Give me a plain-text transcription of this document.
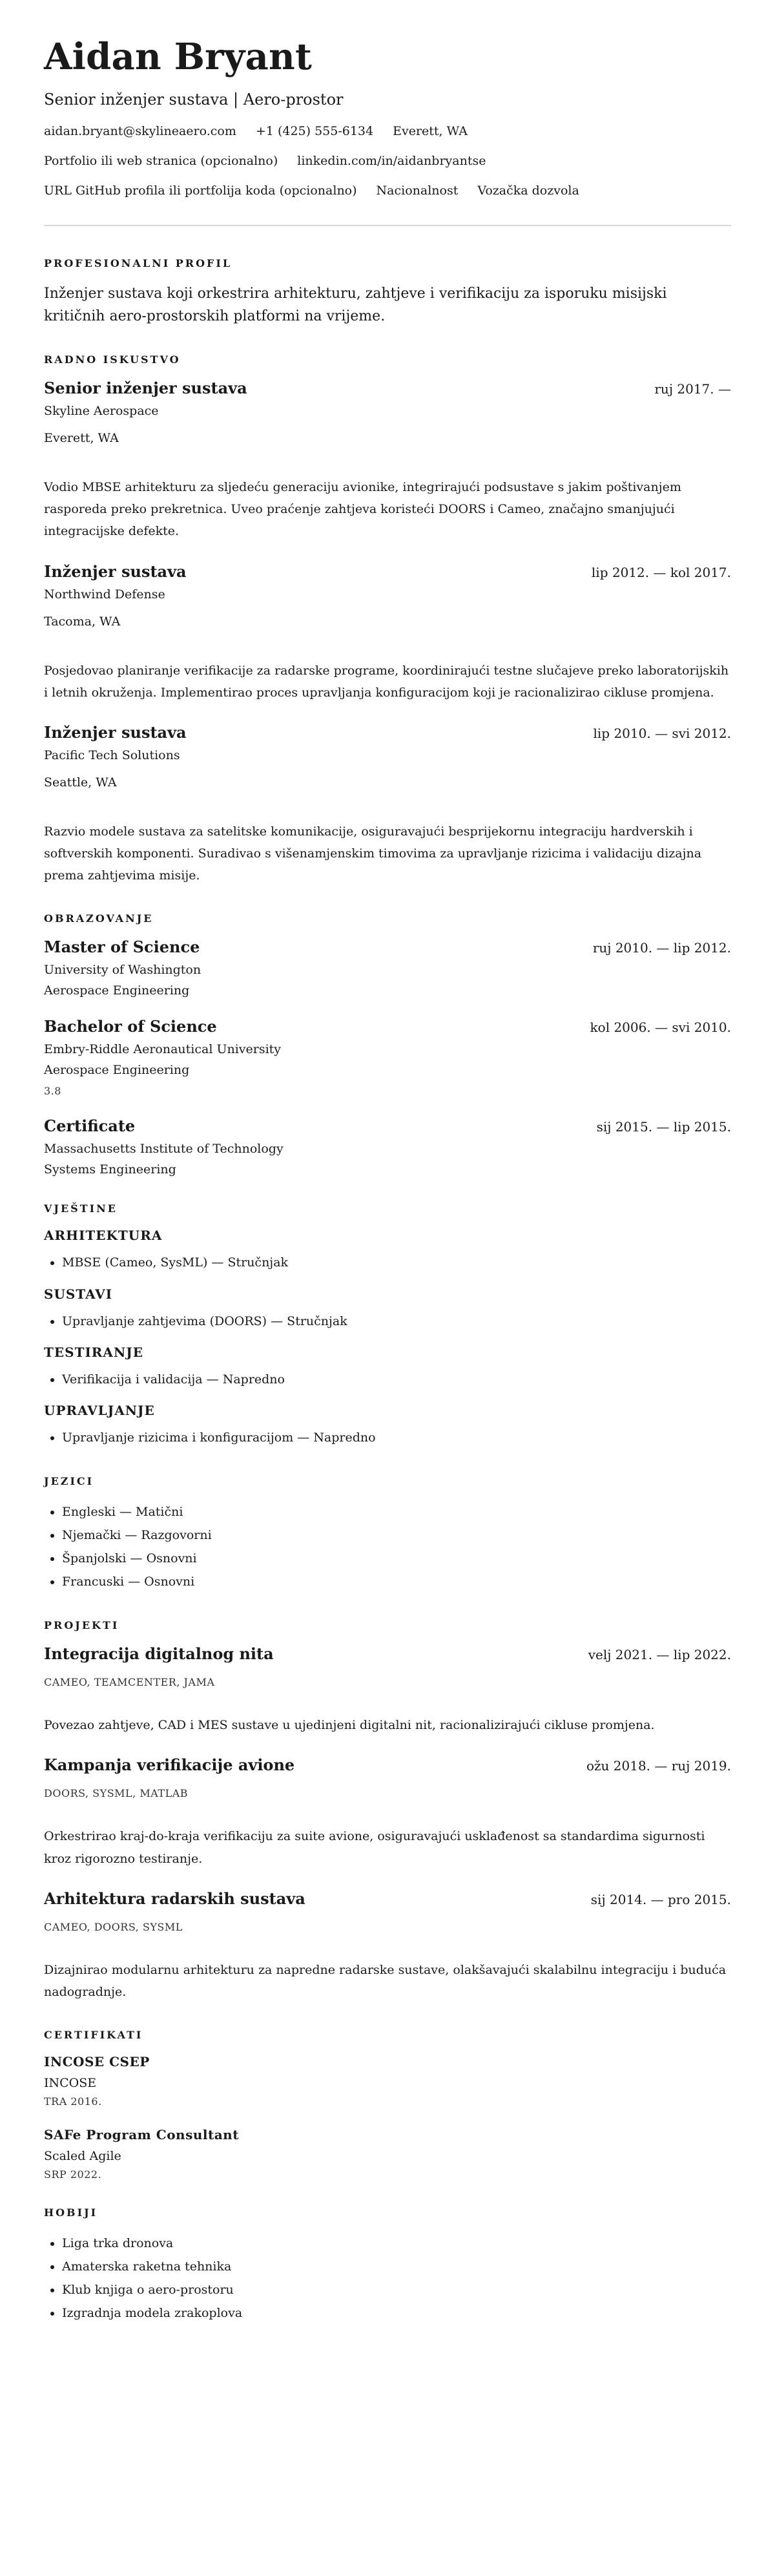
Aidan Bryant
Senior inženjer sustava | Aero-prostor
aidan.bryant@skylineaero.com +1 (425) 555-6134 Everett, WA
Portfolio ili web stranica (opcionalno) linkedin.com/in/aidanbryantse
URL GitHub profila ili portfolija koda (opcionalno) Nacionalnost Vozačka dozvola
PROFESIONALNI PROFIL

Inženjer sustava koji orkestrira arhitekturu, zahtjeve i verifikaciju za isporuku misijski kritičnih aero-prostorskih platformi na vrijeme.

RADNO ISKUSTVO
Senior inženjer sustava	ruj 2017. —
Skyline Aerospace
Everett, WA
Vodio MBSE arhitekturu za sljedeću generaciju avionike, integrirajući podsustave s jakim poštivanjem rasporeda preko prekretnica. Uveo praćenje zahtjeva koristeći DOORS i Cameo, značajno smanjujući integracijske defekte.
Inženjer sustava	lip 2012. — kol 2017.
Northwind Defense
Tacoma, WA
Posjedovao planiranje verifikacije za radarske programe, koordinirajući testne slučajeve preko laboratorijskih i letnih okruženja. Implementirao proces upravljanja konfiguracijom koji je racionalizirao cikluse promjena.
Inženjer sustava	lip 2010. — svi 2012.
Pacific Tech Solutions
Seattle, WA
Razvio modele sustava za satelitske komunikacije, osiguravajući besprijekornu integraciju hardverskih i softverskih komponenti. Suradivao s višenamjenskim timovima za upravljanje rizicima i validaciju dizajna prema zahtjevima misije.
OBRAZOVANJE
Master of Science	ruj 2010. — lip 2012.
University of Washington
Aerospace Engineering
Bachelor of Science	kol 2006. — svi 2010.
Embry-Riddle Aeronautical University
Aerospace Engineering
3.8
Certificate	sij 2015. — lip 2015.
Massachusetts Institute of Technology
Systems Engineering
VJEŠTINE
ARHITEKTURA
• MBSE (Cameo, SysML) — Stručnjak
SUSTAVI
• Upravljanje zahtjevima (DOORS) — Stručnjak
TESTIRANJE
• Verifikacija i validacija — Napredno
UPRAVLJANJE
• Upravljanje rizicima i konfiguracijom — Napredno
JEZICI
• Engleski — Matični
• Njemački — Razgovorni
• Španjolski — Osnovni
• Francuski — Osnovni
PROJEKTI
Integracija digitalnog nita	velj 2021. — lip 2022.
CAMEO, TEAMCENTER, JAMA
Povezao zahtjeve, CAD i MES sustave u ujedinjeni digitalni nit, racionalizirajući cikluse promjena.
Kampanja verifikacije avione	ožu 2018. — ruj 2019.
DOORS, SYSML, MATLAB
Orkestrirao kraj-do-kraja verifikaciju za suite avione, osiguravajući usklađenost sa standardima sigurnosti kroz rigorozno testiranje.
Arhitektura radarskih sustava	sij 2014. — pro 2015.
CAMEO, DOORS, SYSML
Dizajnirao modularnu arhitekturu za napredne radarske sustave, olakšavajući skalabilnu integraciju i buduća nadogradnje.
CERTIFIKATI
INCOSE CSEP
INCOSE
TRA 2016.
SAFe Program Consultant
Scaled Agile
SRP 2022.
HOBIJI
• Liga trka dronova
• Amaterska raketna tehnika
• Klub knjiga o aero-prostoru
• Izgradnja modela zrakoplova
